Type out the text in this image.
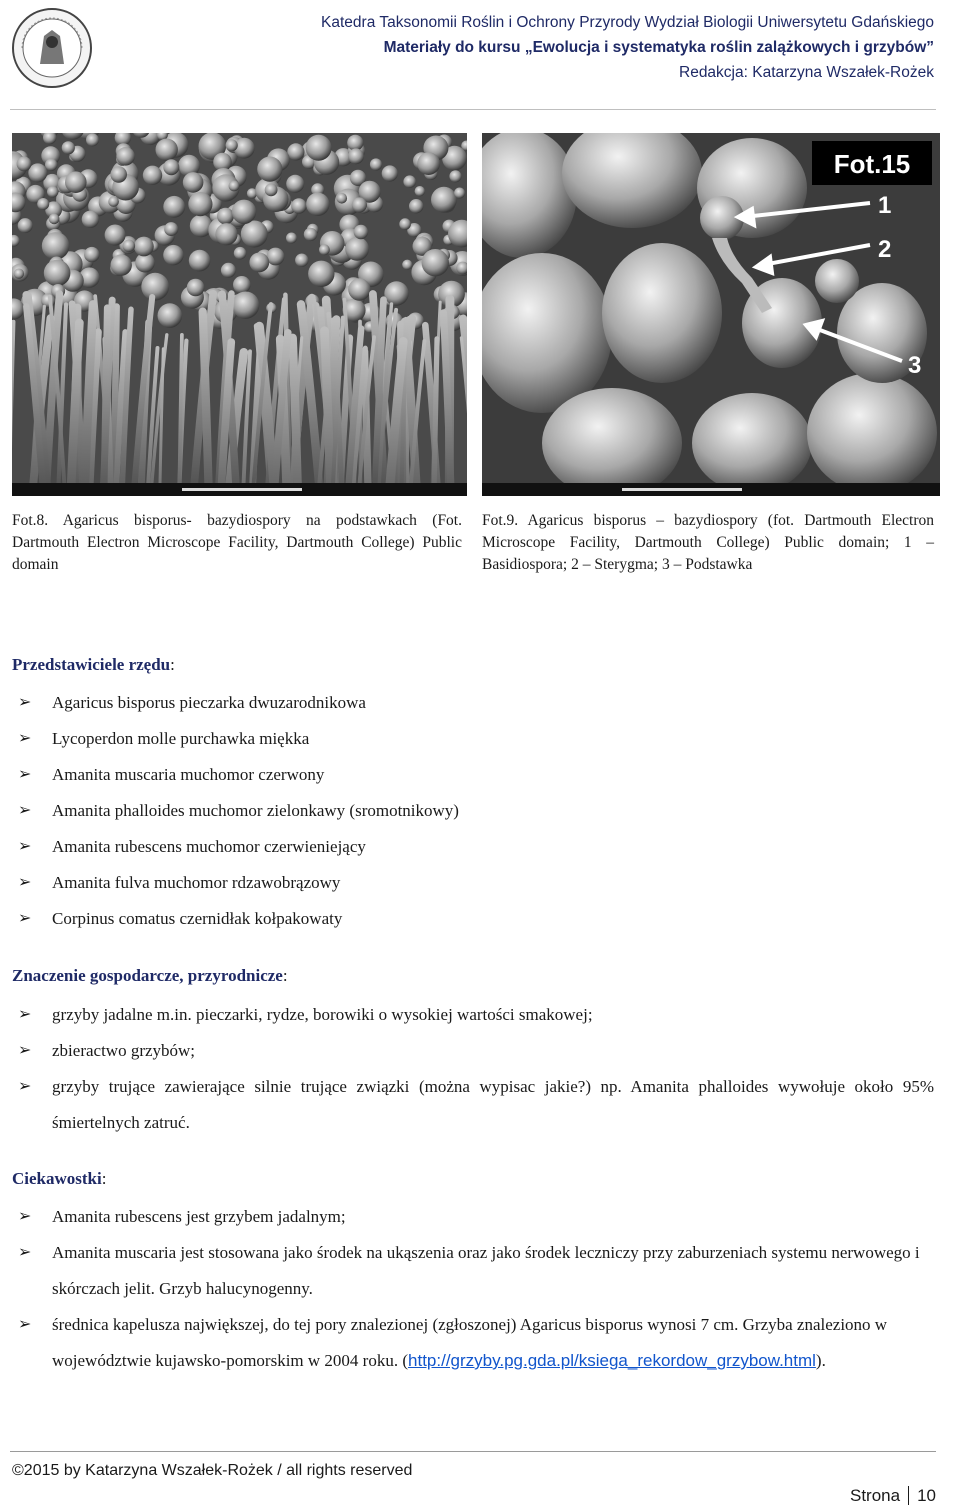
Katedra Taksonomii Roślin i Ochrony Przyrody Wydział Biologii Uniwersytetu Gdańskiego
Materiały do kursu „Ewolucja i systematyka roślin zalążkowych i grzybów”
Redakcja: Katarzyna Wszałek-Rożek
Fot.15
1
2
3
Fot.8. Agaricus bisporus- bazydiospory na podstawkach (Fot. Dartmouth Electron Microscope Facility, Dartmouth College) Public domain
Fot.9. Agaricus bisporus – bazydiospory (fot. Dartmouth Electron Microscope Facility, Dartmouth College) Public domain; 1 – Basidiospora; 2 – Sterygma; 3 – Podstawka
Przedstawiciele rzędu:
➢ Agaricus bisporus pieczarka dwuzarodnikowa
➢ Lycoperdon molle purchawka miękka
➢ Amanita muscaria muchomor czerwony
➢ Amanita phalloides muchomor zielonkawy (sromotnikowy)
➢ Amanita rubescens muchomor czerwieniejący
➢ Amanita fulva muchomor rdzawobrązowy
➢ Corpinus comatus czernidłak kołpakowaty
Znaczenie gospodarcze, przyrodnicze:
➢ grzyby jadalne m.in. pieczarki, rydze, borowiki o wysokiej wartości smakowej;
➢ zbieractwo grzybów;
➢ grzyby trujące zawierające silnie trujące związki (można wypisac jakie?) np. Amanita phalloides wywołuje około 95% śmiertelnych zatruć.
Ciekawostki:
➢ Amanita rubescens jest grzybem jadalnym;
➢ Amanita muscaria jest stosowana jako środek na ukąszenia oraz jako środek leczniczy przy zaburzeniach systemu nerwowego i skórczach jelit. Grzyb halucynogenny.
➢ średnica kapelusza największej, do tej pory znalezionej (zgłoszonej) Agaricus bisporus wynosi 7 cm. Grzyba znaleziono w województwie kujawsko-pomorskim w 2004 roku. (http://grzyby.pg.gda.pl/ksiega_rekordow_grzybow.html).
©2015 by Katarzyna Wszałek-Rożek / all rights reserved
Strona 10
